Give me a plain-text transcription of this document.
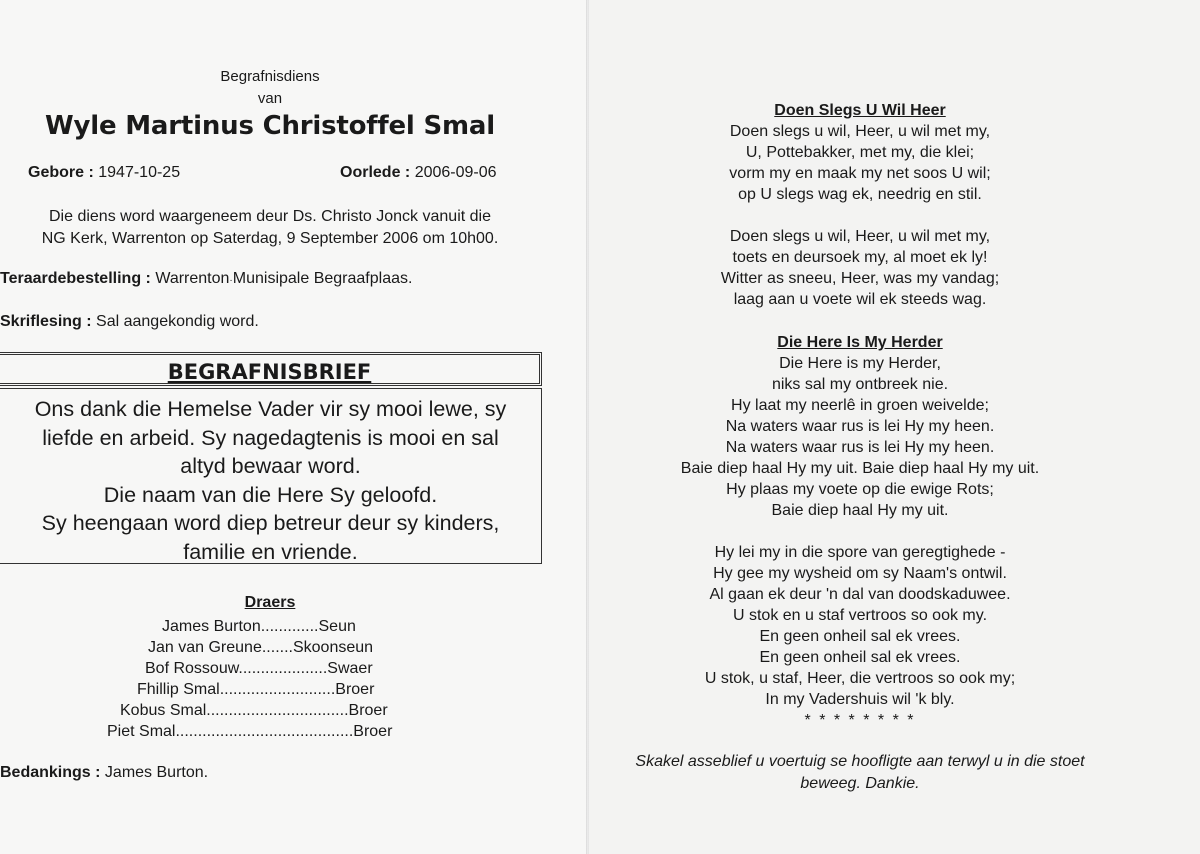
Begrafnisdiens

van

Wyle Martinus Christoffel Smal

Gebore : 1947-10-25	Oorlede : 2006-09-06

Die diens word waargeneem deur Ds. Christo Jonck vanuit die

NG Kerk, Warrenton op Saterdag, 9 September 2006 om 10h00.

Teraardebestelling : Warrenton·Munisipale Begraafplaas.

Skriflesing : Sal aangekondig word.

BEGRAFNISBRIEF
Ons dank die Hemelse Vader vir sy mooi lewe, sy
liefde en arbeid. Sy nagedagtenis is mooi en sal
altyd bewaar word.
Die naam van die Here Sy geloofd.
Sy heengaan word diep betreur deur sy kinders,
familie en vriende.

Draers

James Burton.............Seun

Jan van Greune.......Skoonseun

Bof Rossouw....................Swaer

Fhillip Smal..........................Broer

Kobus Smal................................Broer

Piet Smal........................................Broer

Bedankings : James Burton.

Doen Slegs U Wil Heer
Doen slegs u wil, Heer, u wil met my,
U, Pottebakker, met my, die klei;
vorm my en maak my net soos U wil;
op U slegs wag ek, needrig en stil.
Doen slegs u wil, Heer, u wil met my,
toets en deursoek my, al moet ek ly!
Witter as sneeu, Heer, was my vandag;
laag aan u voete wil ek steeds wag.
Die Here Is My Herder
Die Here is my Herder,
niks sal my ontbreek nie.
Hy laat my neerlê in groen weivelde;
Na waters waar rus is lei Hy my heen.
Na waters waar rus is lei Hy my heen.
Baie diep haal Hy my uit. Baie diep haal Hy my uit.
Hy plaas my voete op die ewige Rots;
Baie diep haal Hy my uit.
Hy lei my in die spore van geregtighede -
Hy gee my wysheid om sy Naam's ontwil.
Al gaan ek deur 'n dal van doodskaduwee.
U stok en u staf vertroos so ook my.
En geen onheil sal ek vrees.
En geen onheil sal ek vrees.
U stok, u staf, Heer, die vertroos so ook my;
In my Vadershuis wil 'k bly.
* * * * * * * *
Skakel asseblief u voertuig se hoofligte aan terwyl u in die stoet
beweeg. Dankie.
